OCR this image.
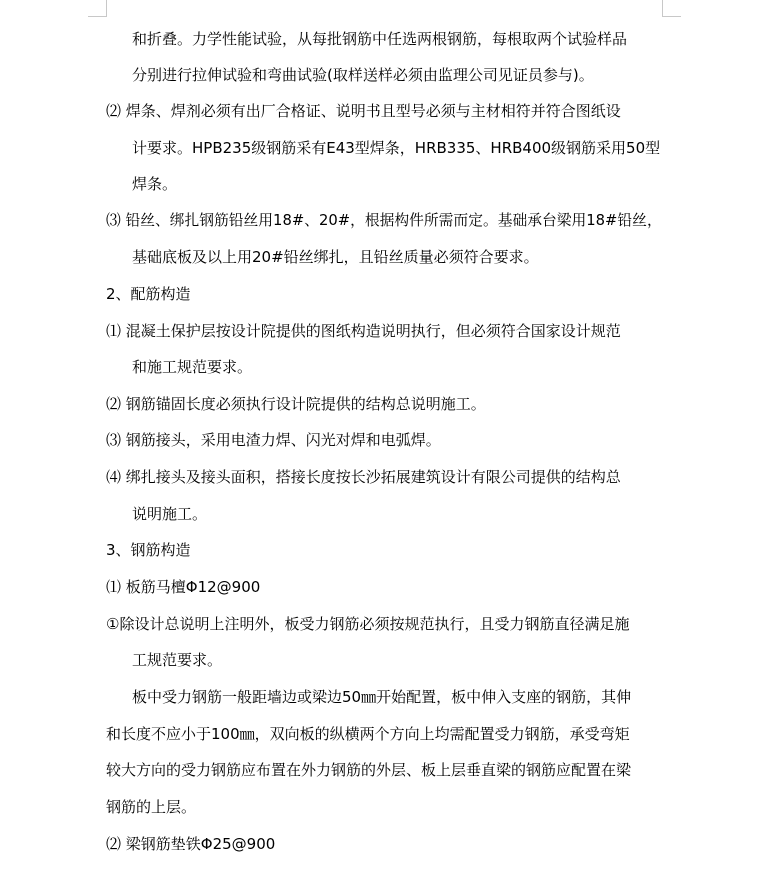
和折叠。力学性能试验，从每批钢筋中任选两根钢筋，每根取两个试验样品
分别进行拉伸试验和弯曲试验(取样送样必须由监理公司见证员参与)。
⑵ 焊条、焊剂必须有出厂合格证、说明书且型号必须与主材相符并符合图纸设
计要求。HPB235级钢筋采有E43型焊条，HRB335、HRB400级钢筋采用50型
焊条。
⑶ 铅丝、绑扎钢筋铅丝用18#、20#，根据构件所需而定。基础承台梁用18#铅丝，
基础底板及以上用20#铅丝绑扎，且铅丝质量必须符合要求。
2、配筋构造
⑴ 混凝土保护层按设计院提供的图纸构造说明执行，但必须符合国家设计规范
和施工规范要求。
⑵ 钢筋锚固长度必须执行设计院提供的结构总说明施工。
⑶ 钢筋接头，采用电渣力焊、闪光对焊和电弧焊。
⑷ 绑扎接头及接头面积，搭接长度按长沙拓展建筑设计有限公司提供的结构总
说明施工。
3、钢筋构造
⑴ 板筋马檀Φ12@900
①除设计总说明上注明外，板受力钢筋必须按规范执行，且受力钢筋直径满足施
工规范要求。
板中受力钢筋一般距墙边或梁边50㎜开始配置，板中伸入支座的钢筋，其伸
和长度不应小于100㎜，双向板的纵横两个方向上均需配置受力钢筋，承受弯矩
较大方向的受力钢筋应布置在外力钢筋的外层、板上层垂直梁的钢筋应配置在梁
钢筋的上层。
⑵ 梁钢筋垫铁Φ25@900
